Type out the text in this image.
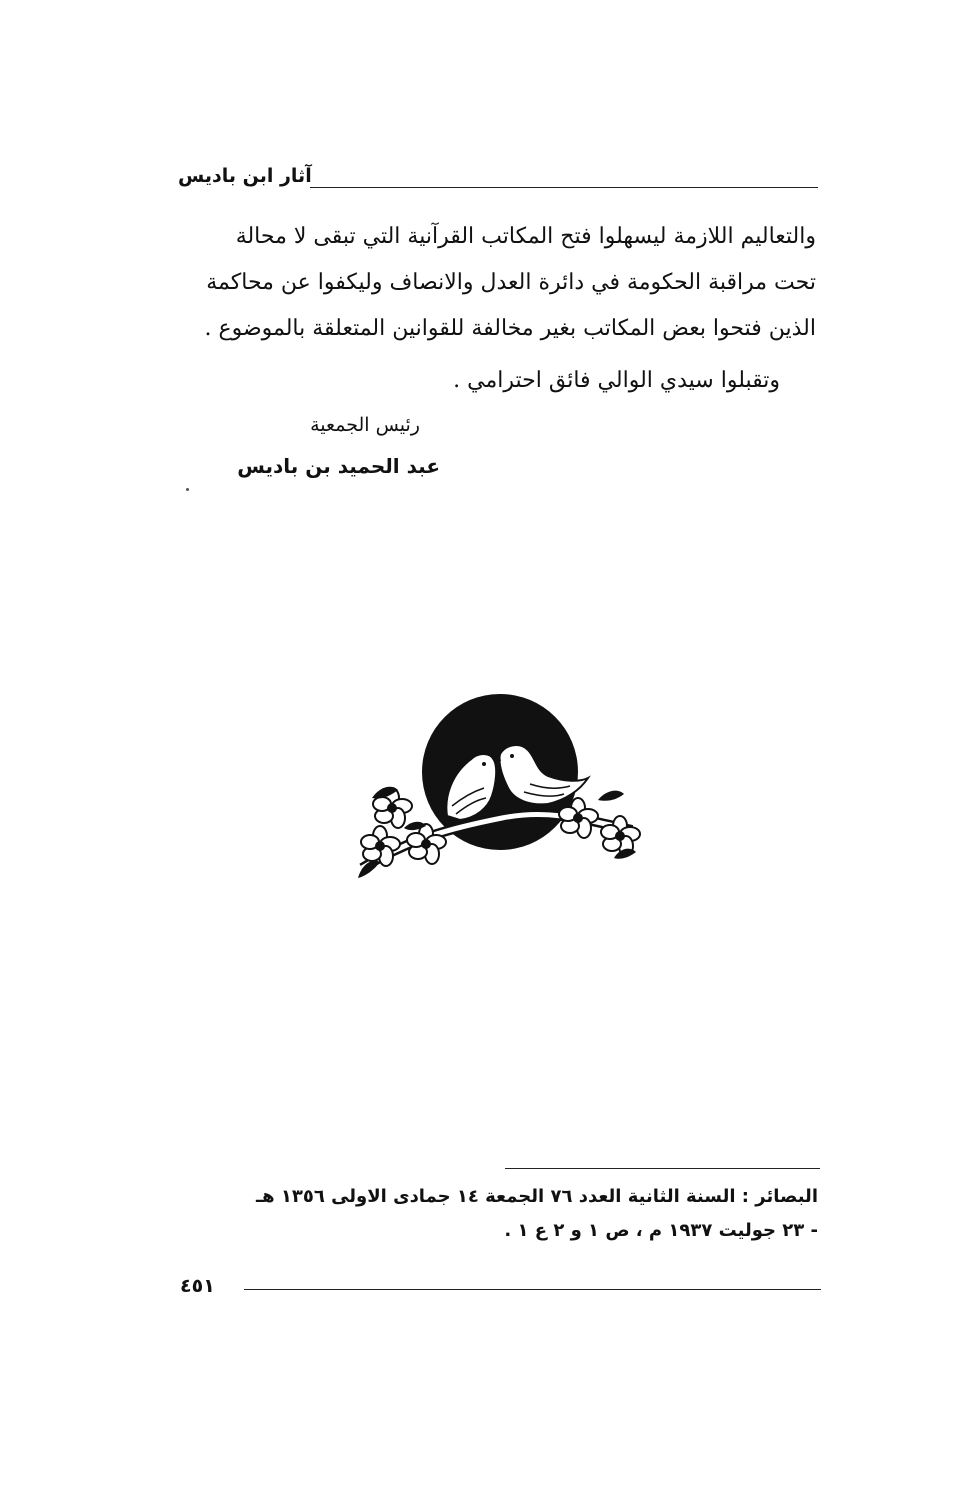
آثار ابن باديس

والتعاليم اللازمة ليسهلوا فتح المكاتب القرآنية التي تبقى لا محالة

تحت مراقبة الحكومة في دائرة العدل والانصاف وليكفوا عن محاكمة

الذين فتحوا بعض المكاتب بغير مخالفة للقوانين المتعلقة بالموضوع .

وتقبلوا سيدي الوالي فائق احترامي .
رئيس الجمعية
عبد الحميد بن باديس
البصائر : السنة الثانية العدد ٧٦ الجمعة ١٤ جمادى الاولى ١٣٥٦ هـ
- ٢٣ جوليت ١٩٣٧ م ، ص ١ و ٢ ع ١ .
٤٥١
